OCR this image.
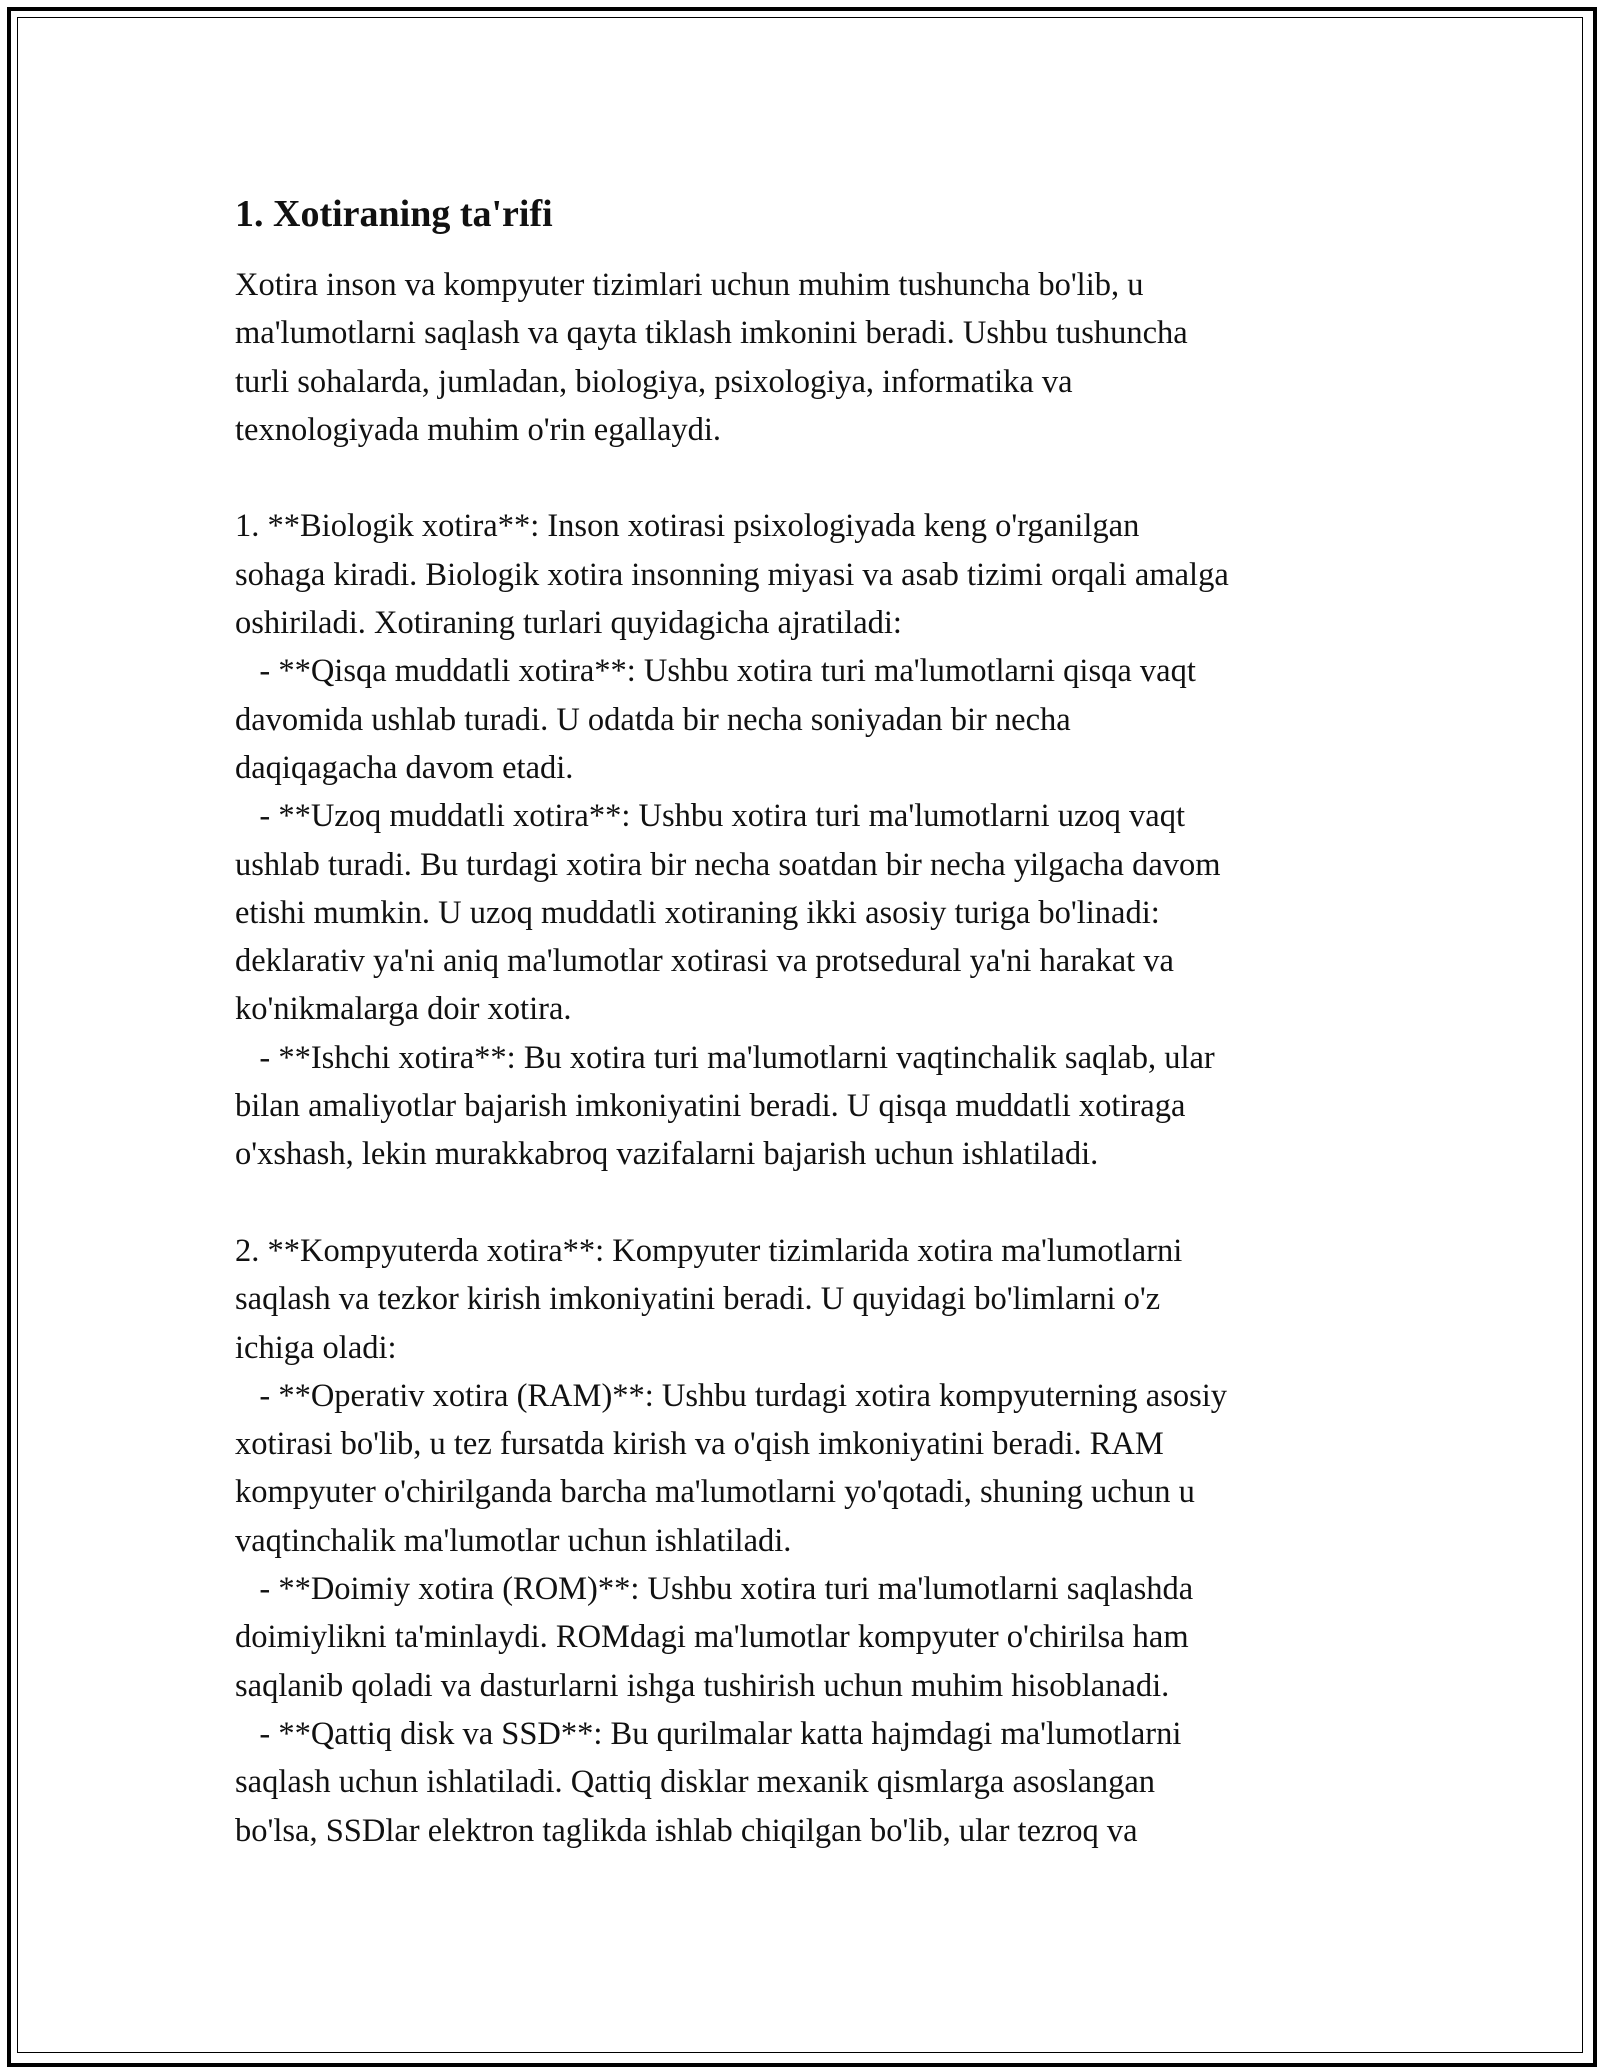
1. Xotiraning ta'rifi

Xotira inson va kompyuter tizimlari uchun muhim tushuncha bo'lib, u
ma'lumotlarni saqlash va qayta tiklash imkonini beradi. Ushbu tushuncha
turli sohalarda, jumladan, biologiya, psixologiya, informatika va
texnologiyada muhim o'rin egallaydi.

1. **Biologik xotira**: Inson xotirasi psixologiyada keng o'rganilgan
sohaga kiradi. Biologik xotira insonning miyasi va asab tizimi orqali amalga
oshiriladi. Xotiraning turlari quyidagicha ajratiladi:
- **Qisqa muddatli xotira**: Ushbu xotira turi ma'lumotlarni qisqa vaqt
davomida ushlab turadi. U odatda bir necha soniyadan bir necha
daqiqagacha davom etadi.
- **Uzoq muddatli xotira**: Ushbu xotira turi ma'lumotlarni uzoq vaqt
ushlab turadi. Bu turdagi xotira bir necha soatdan bir necha yilgacha davom
etishi mumkin. U uzoq muddatli xotiraning ikki asosiy turiga bo'linadi:
deklarativ ya'ni aniq ma'lumotlar xotirasi va protsedural ya'ni harakat va
ko'nikmalarga doir xotira.
- **Ishchi xotira**: Bu xotira turi ma'lumotlarni vaqtinchalik saqlab, ular
bilan amaliyotlar bajarish imkoniyatini beradi. U qisqa muddatli xotiraga
o'xshash, lekin murakkabroq vazifalarni bajarish uchun ishlatiladi.

2. **Kompyuterda xotira**: Kompyuter tizimlarida xotira ma'lumotlarni
saqlash va tezkor kirish imkoniyatini beradi. U quyidagi bo'limlarni o'z
ichiga oladi:
- **Operativ xotira (RAM)**: Ushbu turdagi xotira kompyuterning asosiy
xotirasi bo'lib, u tez fursatda kirish va o'qish imkoniyatini beradi. RAM
kompyuter o'chirilganda barcha ma'lumotlarni yo'qotadi, shuning uchun u
vaqtinchalik ma'lumotlar uchun ishlatiladi.
- **Doimiy xotira (ROM)**: Ushbu xotira turi ma'lumotlarni saqlashda
doimiylikni ta'minlaydi. ROMdagi ma'lumotlar kompyuter o'chirilsa ham
saqlanib qoladi va dasturlarni ishga tushirish uchun muhim hisoblanadi.
- **Qattiq disk va SSD**: Bu qurilmalar katta hajmdagi ma'lumotlarni
saqlash uchun ishlatiladi. Qattiq disklar mexanik qismlarga asoslangan
bo'lsa, SSDlar elektron taglikda ishlab chiqilgan bo'lib, ular tezroq va
